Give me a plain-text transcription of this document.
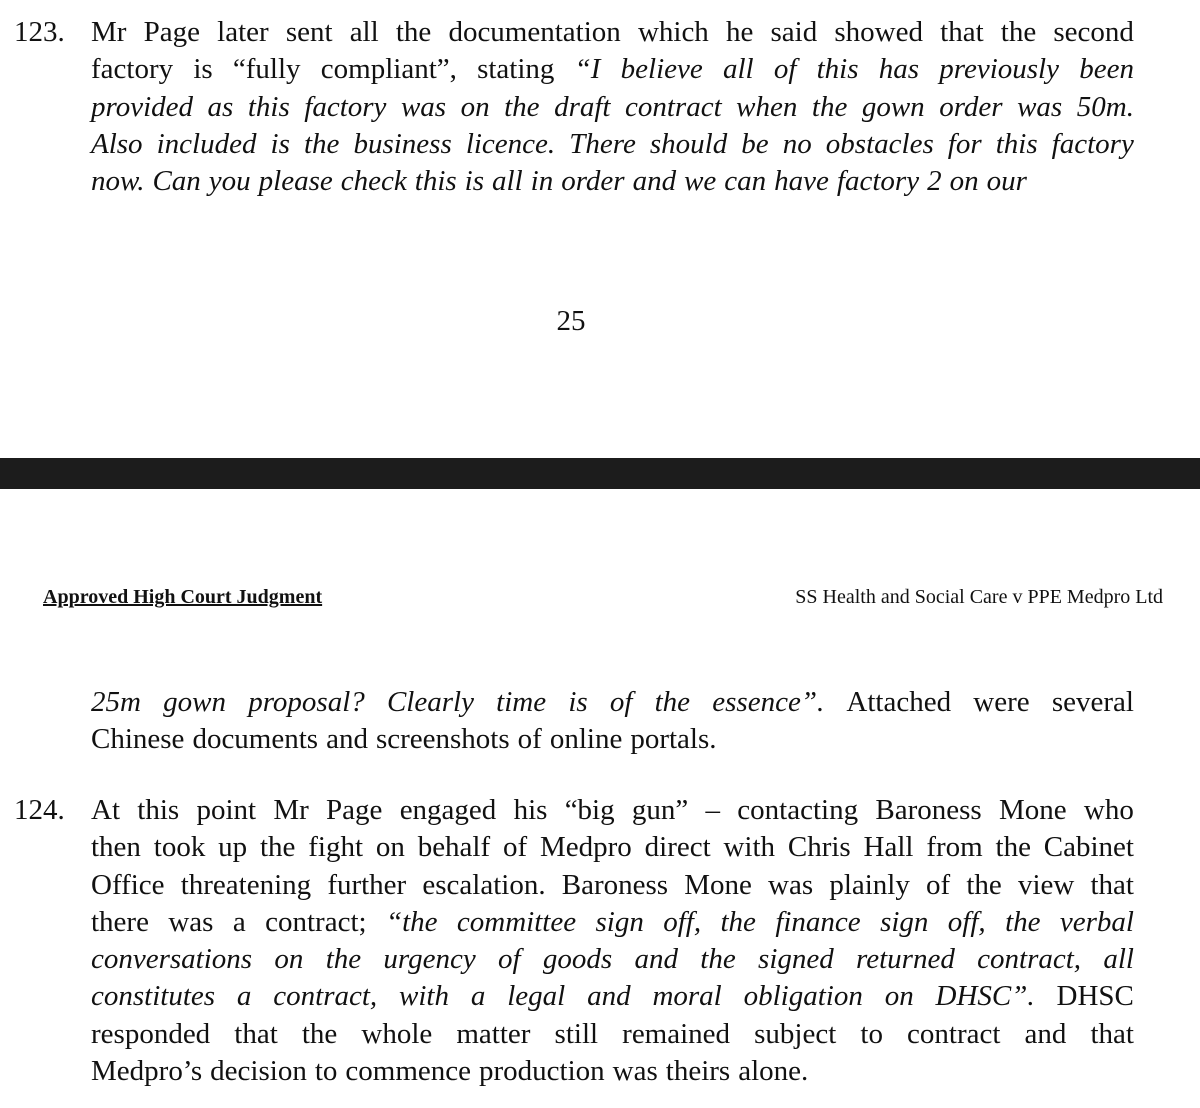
123. Mr Page later sent all the documentation which he said showed that the second
factory is “fully compliant”, stating “I believe all of this has previously been
provided as this factory was on the draft contract when the gown order was 50m.
Also included is the business licence. There should be no obstacles for this factory
now. Can you please check this is all in order and we can have factory 2 on our
25
Approved High Court Judgment	SS Health and Social Care v PPE Medpro Ltd
25m gown proposal? Clearly time is of the essence”. Attached were several
Chinese documents and screenshots of online portals.
124. At this point Mr Page engaged his “big gun” – contacting Baroness Mone who
then took up the fight on behalf of Medpro direct with Chris Hall from the Cabinet
Office threatening further escalation. Baroness Mone was plainly of the view that
there was a contract; “the committee sign off, the finance sign off, the verbal
conversations on the urgency of goods and the signed returned contract, all
constitutes a contract, with a legal and moral obligation on DHSC”. DHSC
responded that the whole matter still remained subject to contract and that
Medpro’s decision to commence production was theirs alone.
